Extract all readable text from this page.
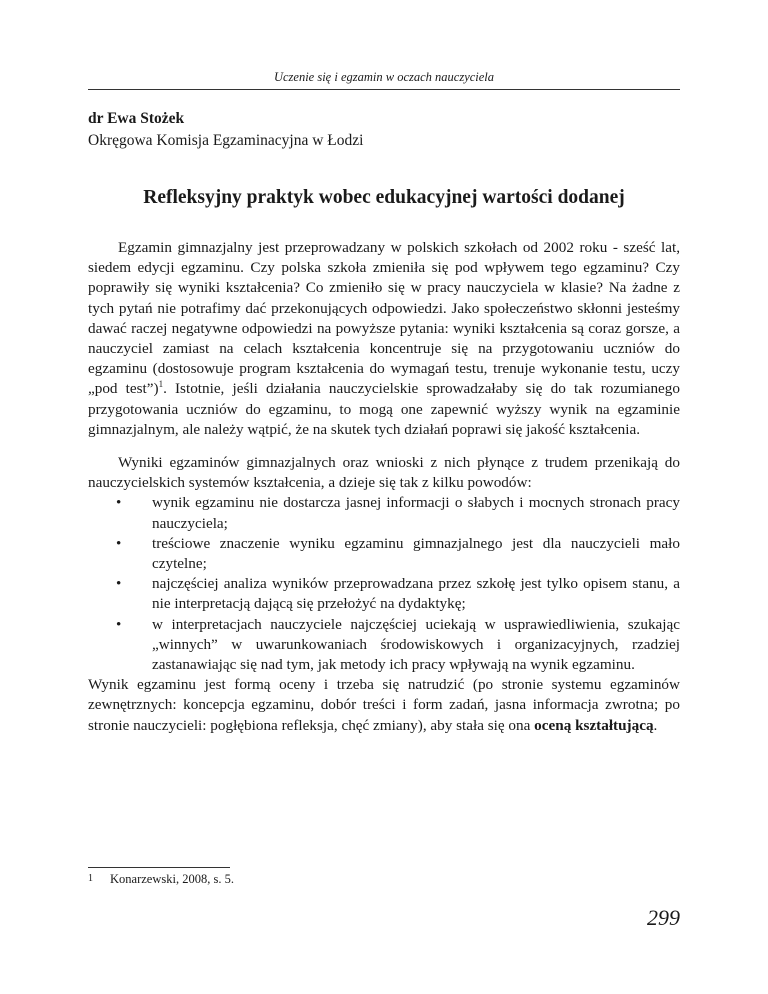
Uczenie się i egzamin w oczach nauczyciela
dr Ewa Stożek
Okręgowa Komisja Egzaminacyjna w Łodzi
Refleksyjny praktyk wobec edukacyjnej wartości dodanej

Egzamin gimnazjalny jest przeprowadzany w polskich szkołach od 2002 roku - sześć lat, siedem edycji egzaminu. Czy polska szkoła zmieniła się pod wpływem tego egzaminu? Czy poprawiły się wyniki kształcenia? Co zmieniło się w pracy nauczyciela w klasie? Na żadne z tych pytań nie potrafimy dać przekonujących odpowiedzi. Jako społeczeństwo skłonni jesteśmy dawać raczej negatywne odpowiedzi na powyższe pytania: wyniki kształcenia są coraz gorsze, a nauczyciel zamiast na celach kształcenia koncentruje się na przygotowaniu uczniów do egzaminu (dostosowuje program kształcenia do wymagań testu, trenuje wykonanie testu, uczy „pod test”)$^1$. Istotnie, jeśli działania nauczycielskie sprowadzałaby się do tak rozumianego przygotowania uczniów do egzaminu, to mogą one zapewnić wyższy wynik na egzaminie gimnazjalnym, ale należy wątpić, że na skutek tych działań poprawi się jakość kształcenia.

Wyniki egzaminów gimnazjalnych oraz wnioski z nich płynące z trudem przenikają do nauczycielskich systemów kształcenia, a dzieje się tak z kilku powodów:

• wynik egzaminu nie dostarcza jasnej informacji o słabych i mocnych stronach pracy nauczyciela;
• treściowe znaczenie wyniku egzaminu gimnazjalnego jest dla nauczycieli mało czytelne;
• najczęściej analiza wyników przeprowadzana przez szkołę jest tylko opisem stanu, a nie interpretacją dającą się przełożyć na dydaktykę;
• w interpretacjach nauczyciele najczęściej uciekają w usprawiedliwienia, szukając „winnych” w uwarunkowaniach środowiskowych i organizacyjnych, rzadziej zastanawiając się nad tym, jak metody ich pracy wpływają na wynik egzaminu.

Wynik egzaminu jest formą oceny i trzeba się natrudzić (po stronie systemu egzaminów zewnętrznych: koncepcja egzaminu, dobór treści i form zadań, jasna informacja zwrotna; po stronie nauczycieli: pogłębiona refleksja, chęć zmiany), aby stała się ona oceną kształtującą.

1 Konarzewski, 2008, s. 5.
299
